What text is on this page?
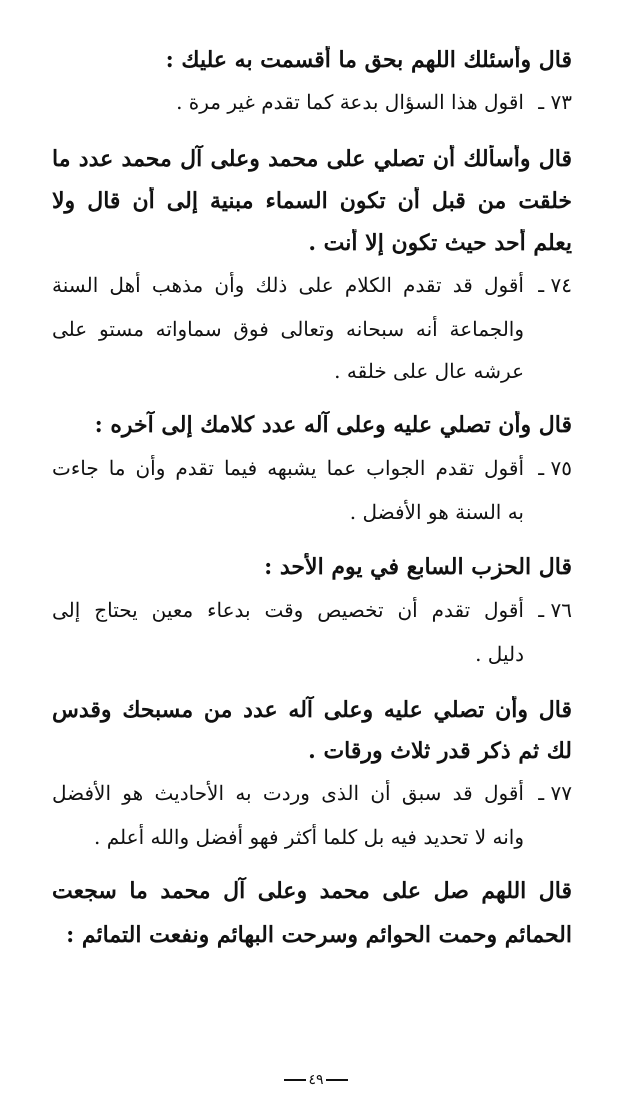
قال وأسئلك اللهم بحق ما أقسمت به عليك :
٧٣ ـ
اقول هذا السؤال بدعة كما تقدم غير مرة .
قال وأسألك أن تصلي على محمد وعلى آل محمد عدد ما
خلقت من قبل أن تكون السماء مبنية إلى أن قال ولا
يعلم أحد حيث تكون إلا أنت .
٧٤ ـ
أقول قد تقدم الكلام على ذلك وأن مذهب أهل السنة
والجماعة أنه سبحانه وتعالى فوق سماواته مستو على
عرشه عال على خلقه .
قال وأن تصلي عليه وعلى آله عدد كلامك إلى آخره :
٧٥ ـ
أقول تقدم الجواب عما يشبهه فيما تقدم وأن ما جاءت
به السنة هو الأفضل .
قال الحزب السابع في يوم الأحد :
٧٦ ـ
أقول تقدم أن تخصيص وقت بدعاء معين يحتاج إلى
دليل .
قال وأن تصلي عليه وعلى آله عدد من مسبحك وقدس
لك ثم ذكر قدر ثلاث ورقات .
٧٧ ـ
أقول قد سبق أن الذى وردت به الأحاديث هو الأفضل
وانه لا تحديد فيه بل كلما أكثر فهو أفضل والله أعلم .
قال اللهم صل على محمد وعلى آل محمد ما سجعت
الحمائم وحمت الحوائم وسرحت البهائم ونفعت التمائم :
٤٩
